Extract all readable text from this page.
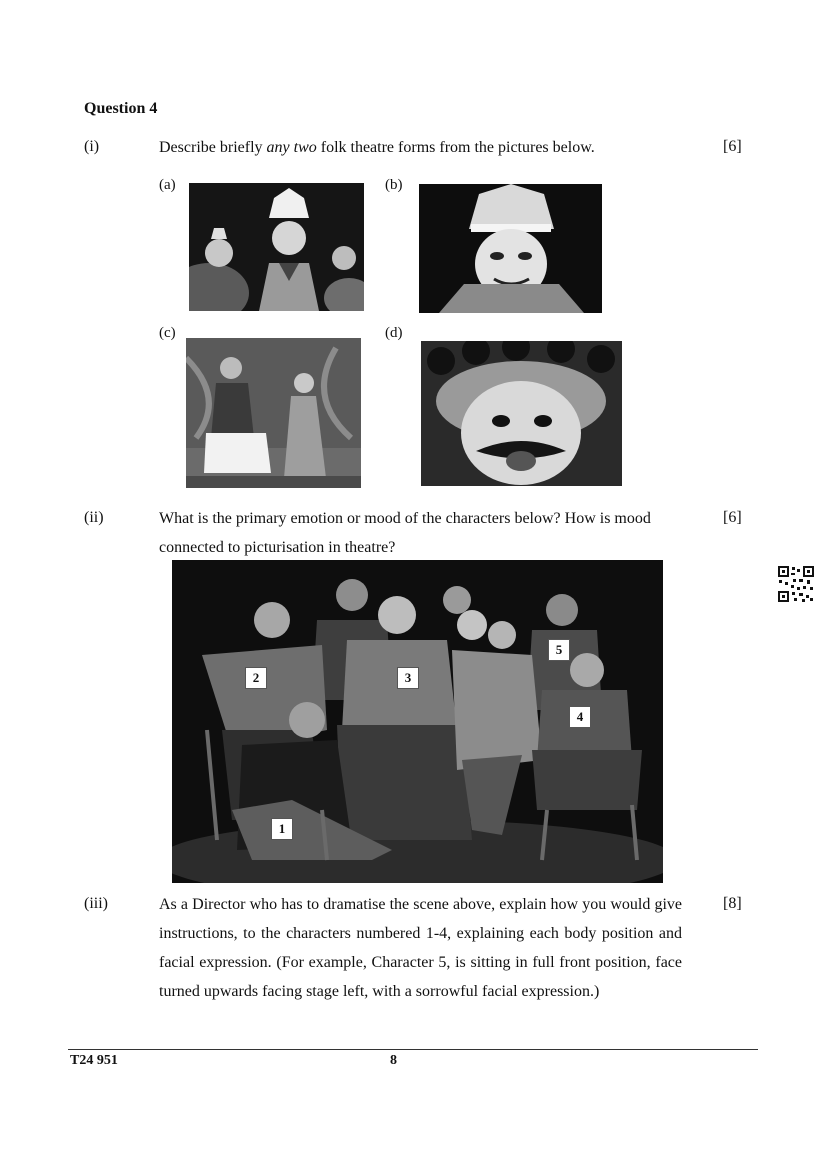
Question 4
(i)	Describe briefly any two folk theatre forms from the pictures below.	[6]
(a)	(b)
(c)	(d)
(ii)	What is the primary emotion or mood of the characters below? How is mood
connected to picturisation in theatre?
[6]
2	3
5
4
1
(iii)	As a Director who has to dramatise the scene above, explain how you would give instructions, to the characters numbered 1-4, explaining each body position and facial expression. (For example, Character 5, is sitting in full front position, face turned upwards facing stage left, with a sorrowful facial expression.)
[8]
T24 951	8
